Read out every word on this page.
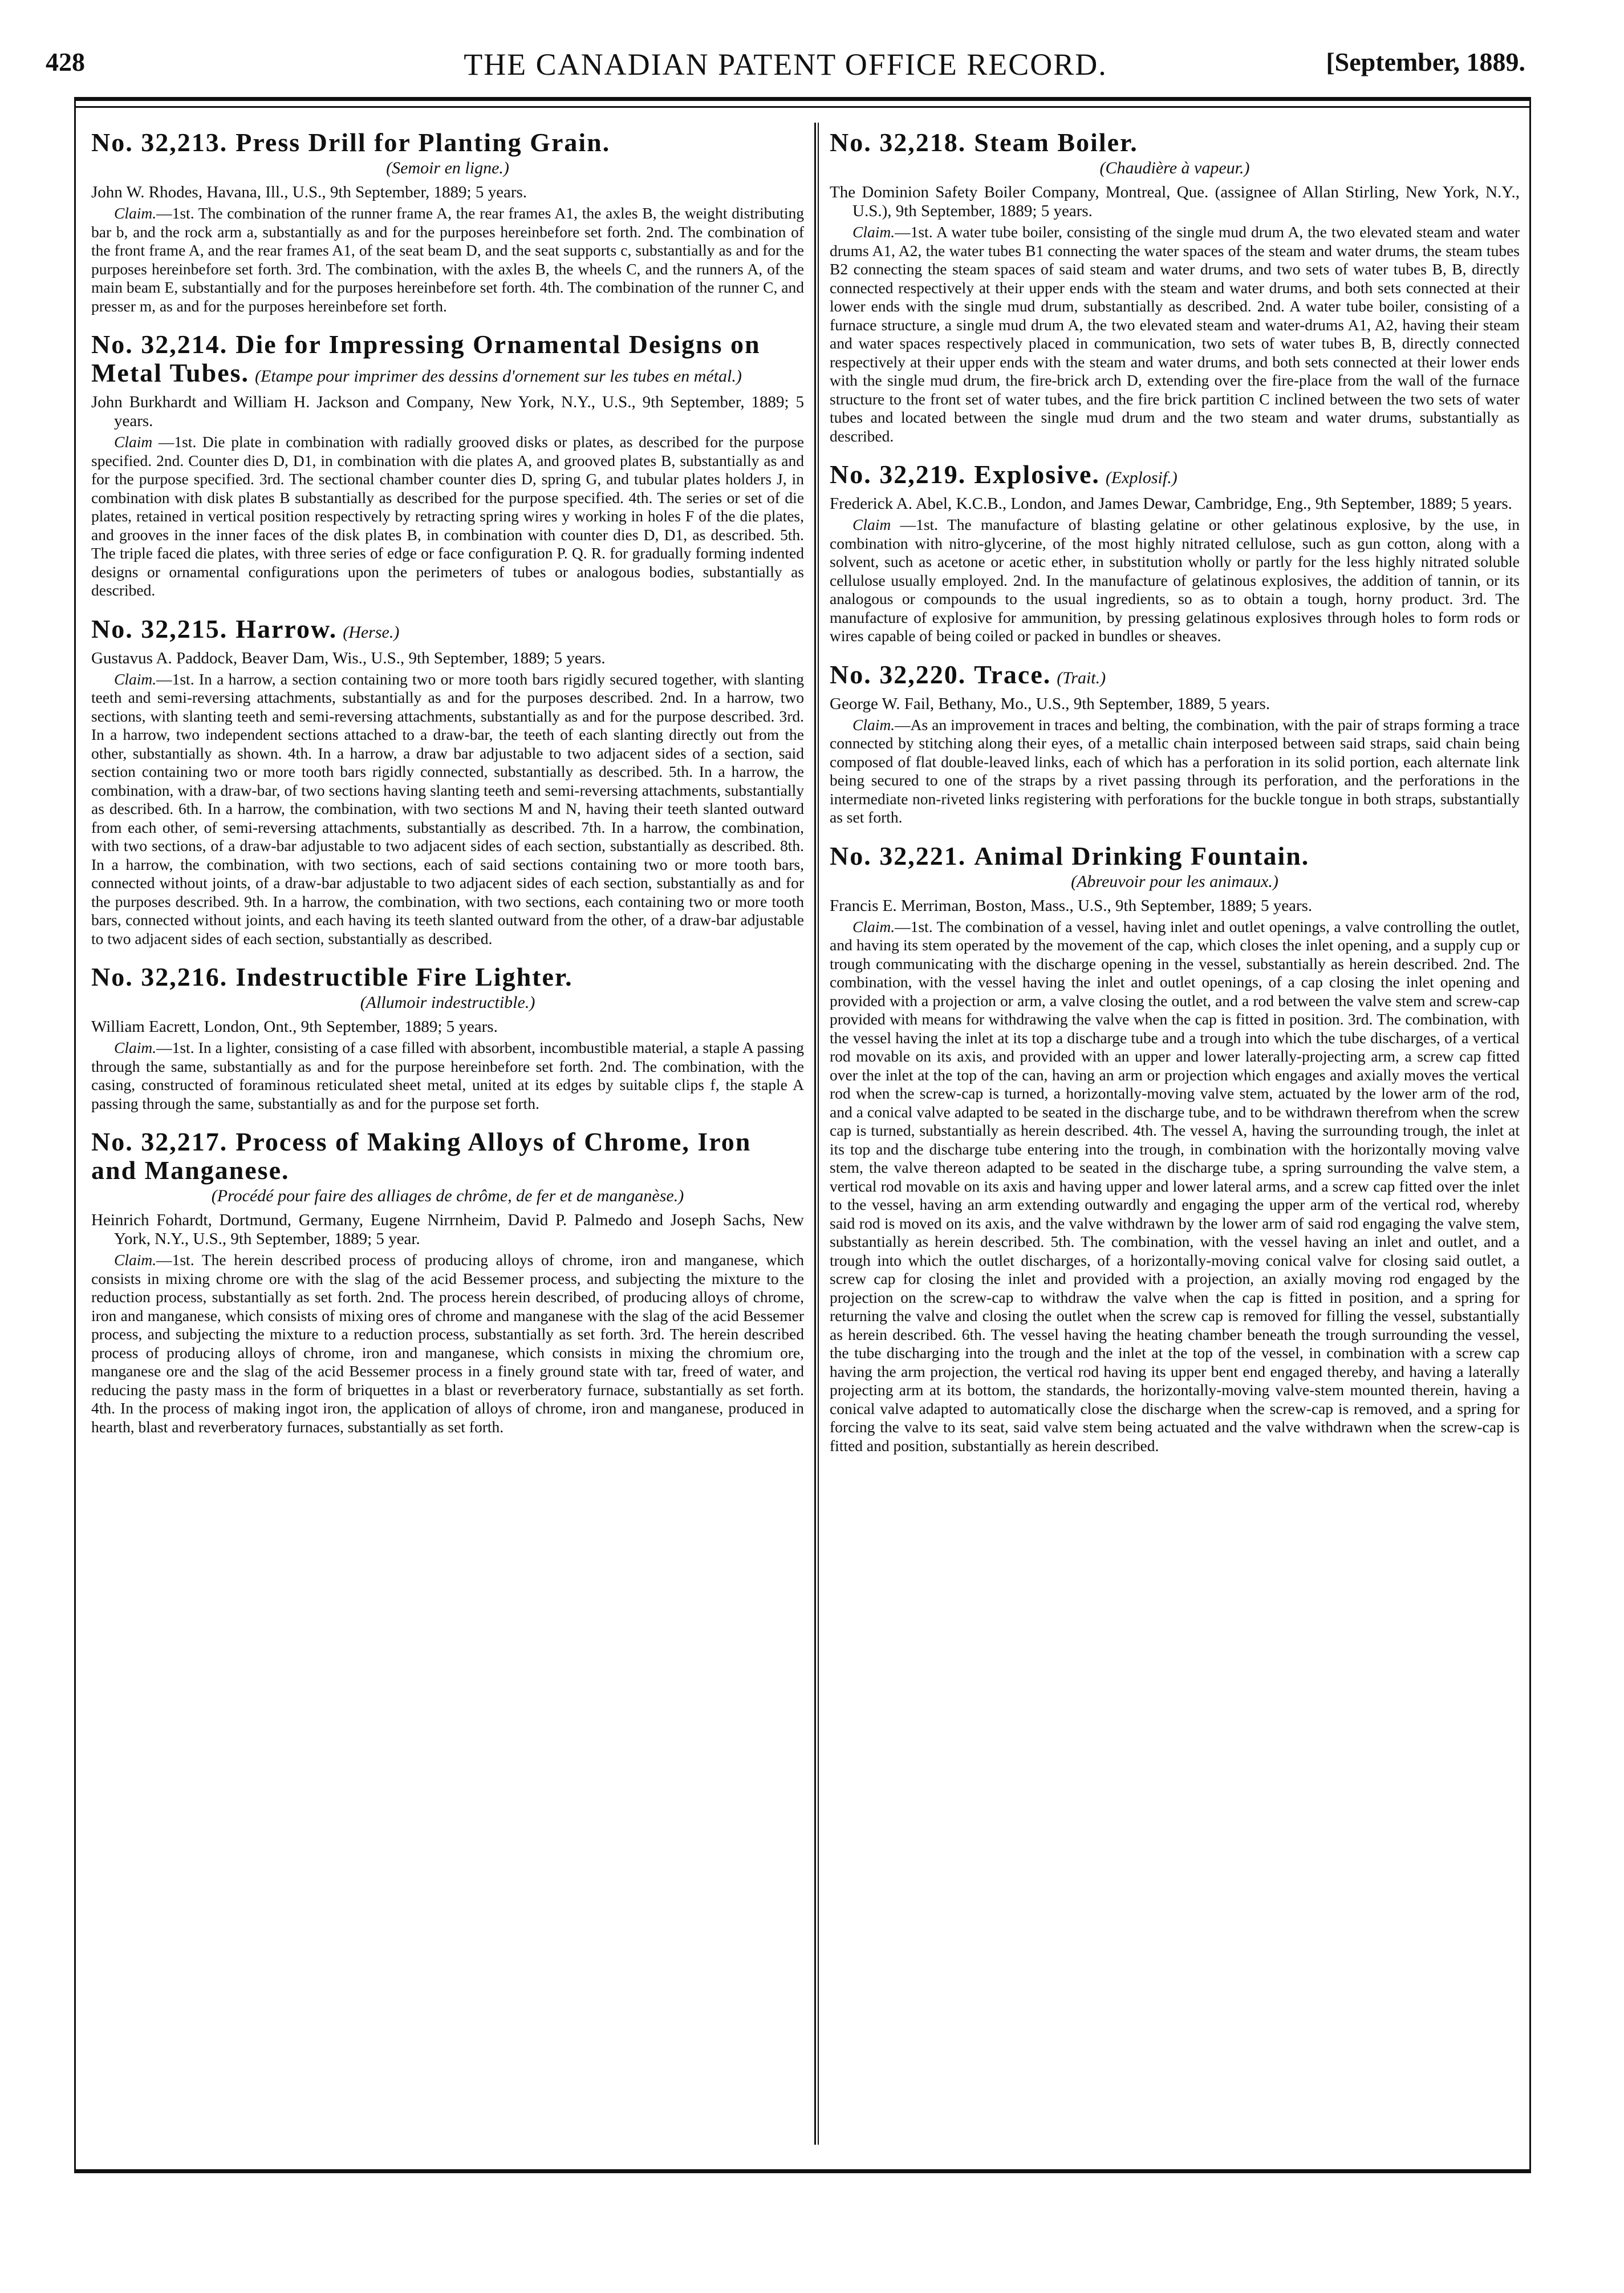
428	THE CANADIAN PATENT OFFICE RECORD.	[September, 1889.
No. 32,213. Press Drill for Planting Grain.
(Semoir en ligne.)
John W. Rhodes, Havana, Ill., U.S., 9th September, 1889; 5 years.

Claim.—1st. The combination of the runner frame A, the rear frames A1, the axles B, the weight distributing bar b, and the rock arm a, substantially as and for the purposes hereinbefore set forth. 2nd. The combination of the front frame A, and the rear frames A1, of the seat beam D, and the seat supports c, substantially as and for the purposes hereinbefore set forth. 3rd. The combination, with the axles B, the wheels C, and the runners A, of the main beam E, substantially and for the purposes hereinbefore set forth. 4th. The combination of the runner C, and presser m, as and for the purposes hereinbefore set forth.

No. 32,214. Die for Impressing Ornamental Designs on Metal Tubes. (Etampe pour imprimer des dessins d'ornement sur les tubes en métal.)
John Burkhardt and William H. Jackson and Company, New York, N.Y., U.S., 9th September, 1889; 5 years.

Claim —1st. Die plate in combination with radially grooved disks or plates, as described for the purpose specified. 2nd. Counter dies D, D1, in combination with die plates A, and grooved plates B, substantially as and for the purpose specified. 3rd. The sectional chamber counter dies D, spring G, and tubular plates holders J, in combination with disk plates B substantially as described for the purpose specified. 4th. The series or set of die plates, retained in vertical position respectively by retracting spring wires y working in holes F of the die plates, and grooves in the inner faces of the disk plates B, in combination with counter dies D, D1, as described. 5th. The triple faced die plates, with three series of edge or face configuration P. Q. R. for gradually forming indented designs or ornamental configurations upon the perimeters of tubes or analogous bodies, substantially as described.

No. 32,215. Harrow. (Herse.)
Gustavus A. Paddock, Beaver Dam, Wis., U.S., 9th September, 1889; 5 years.

Claim.—1st. In a harrow, a section containing two or more tooth bars rigidly secured together, with slanting teeth and semi-reversing attachments, substantially as and for the purposes described. 2nd. In a harrow, two sections, with slanting teeth and semi-reversing attachments, substantially as and for the purpose described. 3rd. In a harrow, two independent sections attached to a draw-bar, the teeth of each slanting directly out from the other, substantially as shown. 4th. In a harrow, a draw bar adjustable to two adjacent sides of a section, said section containing two or more tooth bars rigidly connected, substantially as described. 5th. In a harrow, the combination, with a draw-bar, of two sections having slanting teeth and semi-reversing attachments, substantially as described. 6th. In a harrow, the combination, with two sections M and N, having their teeth slanted outward from each other, of semi-reversing attachments, substantially as described. 7th. In a harrow, the combination, with two sections, of a draw-bar adjustable to two adjacent sides of each section, substantially as described. 8th. In a harrow, the combination, with two sections, each of said sections containing two or more tooth bars, connected without joints, of a draw-bar adjustable to two adjacent sides of each section, substantially as and for the purposes described. 9th. In a harrow, the combination, with two sections, each containing two or more tooth bars, connected without joints, and each having its teeth slanted outward from the other, of a draw-bar adjustable to two adjacent sides of each section, substantially as described.

No. 32,216. Indestructible Fire Lighter.
(Allumoir indestructible.)
William Eacrett, London, Ont., 9th September, 1889; 5 years.

Claim.—1st. In a lighter, consisting of a case filled with absorbent, incombustible material, a staple A passing through the same, substantially as and for the purpose hereinbefore set forth. 2nd. The combination, with the casing, constructed of foraminous reticulated sheet metal, united at its edges by suitable clips f, the staple A passing through the same, substantially as and for the purpose set forth.

No. 32,217. Process of Making Alloys of Chrome, Iron and Manganese.
(Procédé pour faire des alliages de chrôme, de fer et de manganèse.)
Heinrich Fohardt, Dortmund, Germany, Eugene Nirrnheim, David P. Palmedo and Joseph Sachs, New York, N.Y., U.S., 9th September, 1889; 5 year.

Claim.—1st. The herein described process of producing alloys of chrome, iron and manganese, which consists in mixing chrome ore with the slag of the acid Bessemer process, and subjecting the mixture to the reduction process, substantially as set forth. 2nd. The process herein described, of producing alloys of chrome, iron and manganese, which consists of mixing ores of chrome and manganese with the slag of the acid Bessemer process, and subjecting the mixture to a reduction process, substantially as set forth. 3rd. The herein described process of producing alloys of chrome, iron and manganese, which consists in mixing the chromium ore, manganese ore and the slag of the acid Bessemer process in a finely ground state with tar, freed of water, and reducing the pasty mass in the form of briquettes in a blast or reverberatory furnace, substantially as set forth. 4th. In the process of making ingot iron, the application of alloys of chrome, iron and manganese, produced in hearth, blast and reverberatory furnaces, substantially as set forth.

No. 32,218. Steam Boiler.
(Chaudière à vapeur.)
The Dominion Safety Boiler Company, Montreal, Que. (assignee of Allan Stirling, New York, N.Y., U.S.), 9th September, 1889; 5 years.

Claim.—1st. A water tube boiler, consisting of the single mud drum A, the two elevated steam and water drums A1, A2, the water tubes B1 connecting the water spaces of the steam and water drums, the steam tubes B2 connecting the steam spaces of said steam and water drums, and two sets of water tubes B, B, directly connected respectively at their upper ends with the steam and water drums, and both sets connected at their lower ends with the single mud drum, substantially as described. 2nd. A water tube boiler, consisting of a furnace structure, a single mud drum A, the two elevated steam and water-drums A1, A2, having their steam and water spaces respectively placed in communication, two sets of water tubes B, B, directly connected respectively at their upper ends with the steam and water drums, and both sets connected at their lower ends with the single mud drum, the fire-brick arch D, extending over the fire-place from the wall of the furnace structure to the front set of water tubes, and the fire brick partition C inclined between the two sets of water tubes and located between the single mud drum and the two steam and water drums, substantially as described.

No. 32,219. Explosive. (Explosif.)
Frederick A. Abel, K.C.B., London, and James Dewar, Cambridge, Eng., 9th September, 1889; 5 years.

Claim —1st. The manufacture of blasting gelatine or other gelatinous explosive, by the use, in combination with nitro-glycerine, of the most highly nitrated cellulose, such as gun cotton, along with a solvent, such as acetone or acetic ether, in substitution wholly or partly for the less highly nitrated soluble cellulose usually employed. 2nd. In the manufacture of gelatinous explosives, the addition of tannin, or its analogous or compounds to the usual ingredients, so as to obtain a tough, horny product. 3rd. The manufacture of explosive for ammunition, by pressing gelatinous explosives through holes to form rods or wires capable of being coiled or packed in bundles or sheaves.

No. 32,220. Trace. (Trait.)
George W. Fail, Bethany, Mo., U.S., 9th September, 1889, 5 years.

Claim.—As an improvement in traces and belting, the combination, with the pair of straps forming a trace connected by stitching along their eyes, of a metallic chain interposed between said straps, said chain being composed of flat double-leaved links, each of which has a perforation in its solid portion, each alternate link being secured to one of the straps by a rivet passing through its perforation, and the perforations in the intermediate non-riveted links registering with perforations for the buckle tongue in both straps, substantially as set forth.

No. 32,221. Animal Drinking Fountain.
(Abreuvoir pour les animaux.)
Francis E. Merriman, Boston, Mass., U.S., 9th September, 1889; 5 years.

Claim.—1st. The combination of a vessel, having inlet and outlet openings, a valve controlling the outlet, and having its stem operated by the movement of the cap, which closes the inlet opening, and a supply cup or trough communicating with the discharge opening in the vessel, substantially as herein described. 2nd. The combination, with the vessel having the inlet and outlet openings, of a cap closing the inlet opening and provided with a projection or arm, a valve closing the outlet, and a rod between the valve stem and screw-cap provided with means for withdrawing the valve when the cap is fitted in position. 3rd. The combination, with the vessel having the inlet at its top a discharge tube and a trough into which the tube discharges, of a vertical rod movable on its axis, and provided with an upper and lower laterally-projecting arm, a screw cap fitted over the inlet at the top of the can, having an arm or projection which engages and axially moves the vertical rod when the screw-cap is turned, a horizontally-moving valve stem, actuated by the lower arm of the rod, and a conical valve adapted to be seated in the discharge tube, and to be withdrawn therefrom when the screw cap is turned, substantially as herein described. 4th. The vessel A, having the surrounding trough, the inlet at its top and the discharge tube entering into the trough, in combination with the horizontally moving valve stem, the valve thereon adapted to be seated in the discharge tube, a spring surrounding the valve stem, a vertical rod movable on its axis and having upper and lower lateral arms, and a screw cap fitted over the inlet to the vessel, having an arm extending outwardly and engaging the upper arm of the vertical rod, whereby said rod is moved on its axis, and the valve withdrawn by the lower arm of said rod engaging the valve stem, substantially as herein described. 5th. The combination, with the vessel having an inlet and outlet, and a trough into which the outlet discharges, of a horizontally-moving conical valve for closing said outlet, a screw cap for closing the inlet and provided with a projection, an axially moving rod engaged by the projection on the screw-cap to withdraw the valve when the cap is fitted in position, and a spring for returning the valve and closing the outlet when the screw cap is removed for filling the vessel, substantially as herein described. 6th. The vessel having the heating chamber beneath the trough surrounding the vessel, the tube discharging into the trough and the inlet at the top of the vessel, in combination with a screw cap having the arm projection, the vertical rod having its upper bent end engaged thereby, and having a laterally projecting arm at its bottom, the standards, the horizontally-moving valve-stem mounted therein, having a conical valve adapted to automatically close the discharge when the screw-cap is removed, and a spring for forcing the valve to its seat, said valve stem being actuated and the valve withdrawn when the screw-cap is fitted and position, substantially as herein described.
